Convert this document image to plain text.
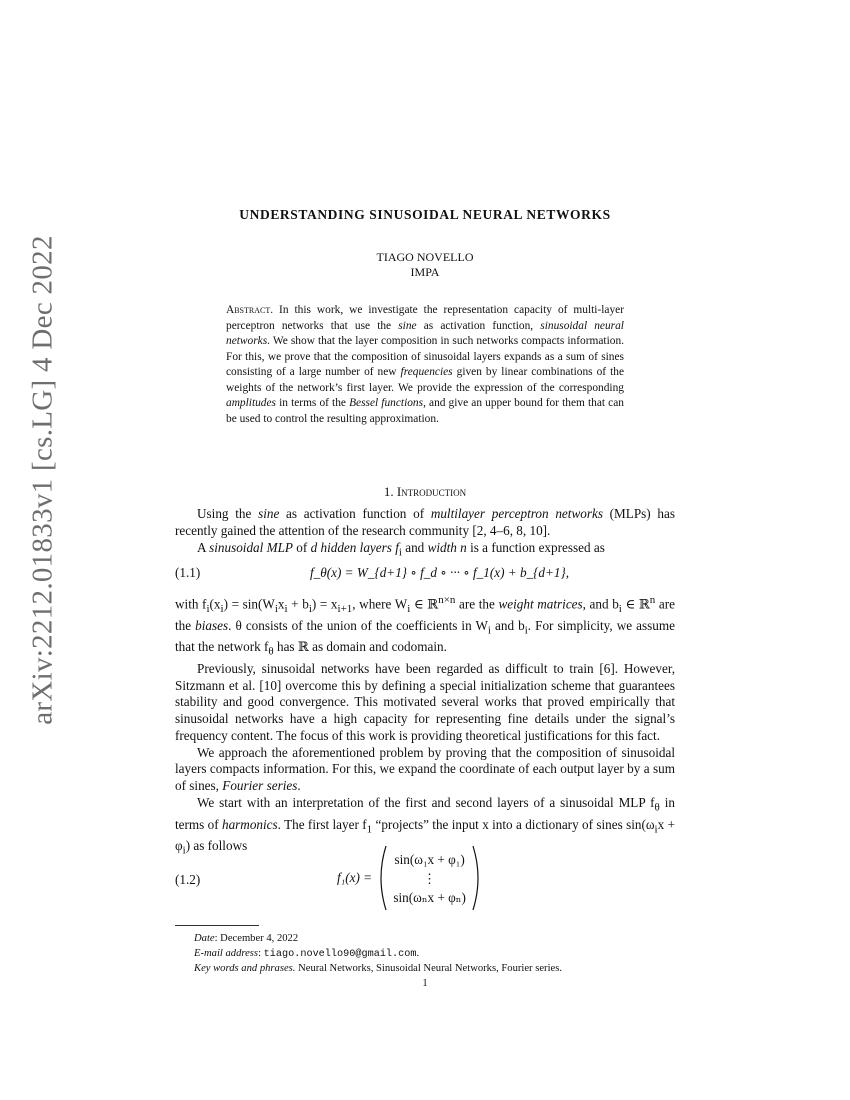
arXiv:2212.01833v1 [cs.LG] 4 Dec 2022
UNDERSTANDING SINUSOIDAL NEURAL NETWORKS
TIAGO NOVELLO
IMPA
Abstract. In this work, we investigate the representation capacity of multi-layer perceptron networks that use the sine as activation function, sinusoidal neural networks. We show that the layer composition in such networks compacts information. For this, we prove that the composition of sinusoidal layers expands as a sum of sines consisting of a large number of new frequencies given by linear combinations of the weights of the network’s first layer. We provide the expression of the corresponding amplitudes in terms of the Bessel functions, and give an upper bound for them that can be used to control the resulting approximation.
1. Introduction

Using the sine as activation function of multilayer perceptron networks (MLPs) has recently gained the attention of the research community [2, 4–6, 8, 10].

A sinusoidal MLP of d hidden layers $f_i$ and width n is a function expressed as

(1.1)	f_θ(x) = W_{d+1} ∘ f_d ∘ ··· ∘ f_1(x) + b_{d+1},

with $f_i(x_i) = \sin(W_ix_i + b_i) = x_{i+1}$, where $W_i$ ∈ ℝ$^{n\times n}$ are the weight matrices, and $b_i$ ∈ ℝ$^n$ are the biases. θ consists of the union of the coefficients in $W_i$ and $b_i$. For simplicity, we assume that the network $f_\theta$ has ℝ as domain and codomain.

Previously, sinusoidal networks have been regarded as difficult to train [6]. However, Sitzmann et al. [10] overcome this by defining a special initialization scheme that guarantees stability and good convergence. This motivated several works that proved empirically that sinusoidal networks have a high capacity for representing fine details under the signal’s frequency content. The focus of this work is providing theoretical justifications for this fact.

We approach the aforementioned problem by proving that the composition of sinusoidal layers compacts information. For this, we expand the coordinate of each output layer by a sum of sines, Fourier series.

We start with an interpretation of the first and second layers of a sinusoidal MLP $f_\theta$ in terms of harmonics. The first layer $f_1$ “projects” the input x into a dictionary of sines $\sin(\omega_ix + \varphi_i)$ as follows

(1.2)	f₁(x) =
sin(ω₁x + φ₁)
⋮
sin(ωₙx + φₙ)
Date: December 4, 2022
E-mail address: tiago.novello90@gmail.com.
Key words and phrases. Neural Networks, Sinusoidal Neural Networks, Fourier series.
1
